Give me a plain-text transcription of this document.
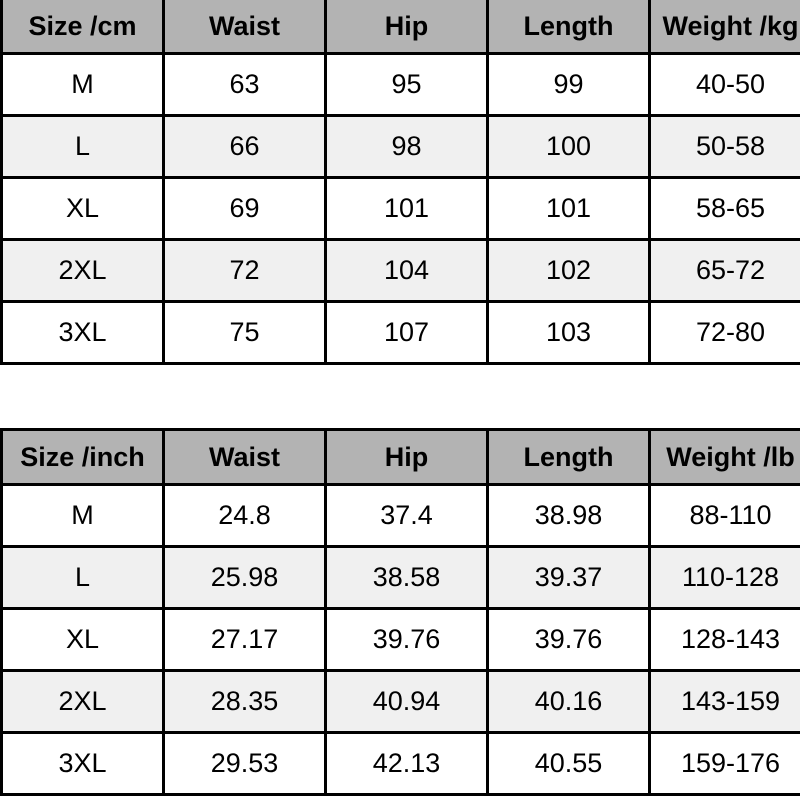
Size /cm	Waist	Hip	Length	Weight /kg
M	63	95	99	40-50
L	66	98	100	50-58
XL	69	101	101	58-65
2XL	72	104	102	65-72
3XL	75	107	103	72-80
Size /inch	Waist	Hip	Length	Weight /lb
M	24.8	37.4	38.98	88-110
L	25.98	38.58	39.37	110-128
XL	27.17	39.76	39.76	128-143
2XL	28.35	40.94	40.16	143-159
3XL	29.53	42.13	40.55	159-176
